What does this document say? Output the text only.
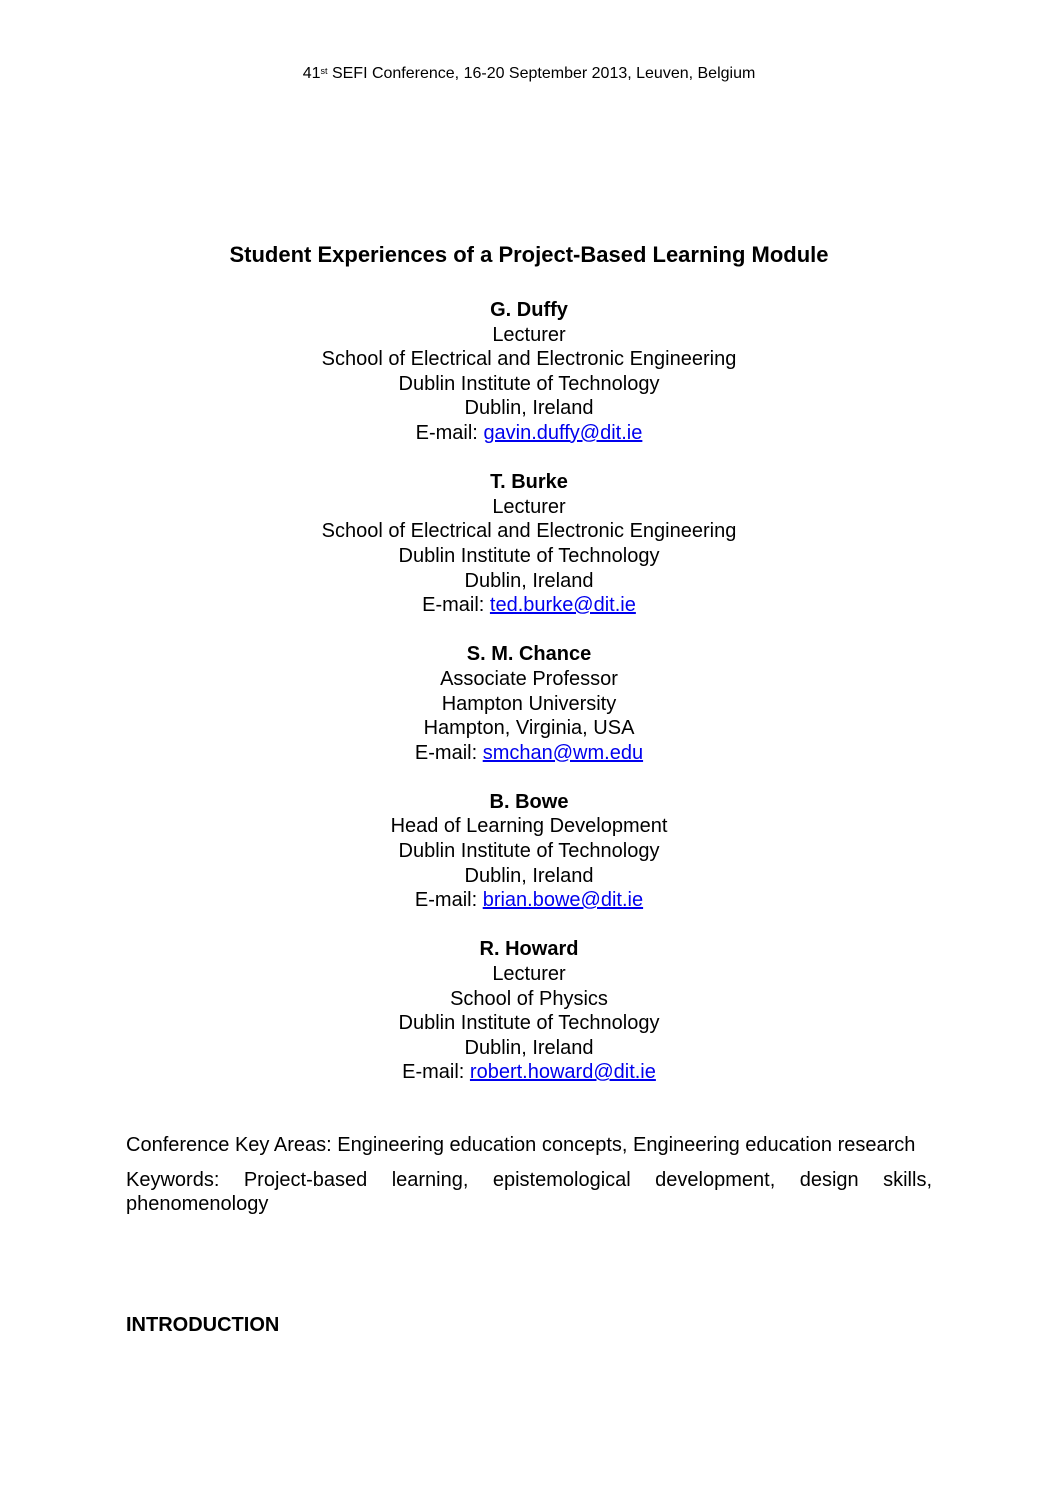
41st SEFI Conference, 16-20 September 2013, Leuven, Belgium
Student Experiences of a Project-Based Learning Module
G. Duffy
Lecturer
School of Electrical and Electronic Engineering
Dublin Institute of Technology
Dublin, Ireland
E-mail: gavin.duffy@dit.ie
T. Burke
Lecturer
School of Electrical and Electronic Engineering
Dublin Institute of Technology
Dublin, Ireland
E-mail: ted.burke@dit.ie
S. M. Chance
Associate Professor
Hampton University
Hampton, Virginia, USA
E-mail: smchan@wm.edu
B. Bowe
Head of Learning Development
Dublin Institute of Technology
Dublin, Ireland
E-mail: brian.bowe@dit.ie
R. Howard
Lecturer
School of Physics
Dublin Institute of Technology
Dublin, Ireland
E-mail: robert.howard@dit.ie

Conference Key Areas: Engineering education concepts, Engineering education research

Keywords: Project-based learning, epistemological development, design skills, phenomenology

INTRODUCTION
